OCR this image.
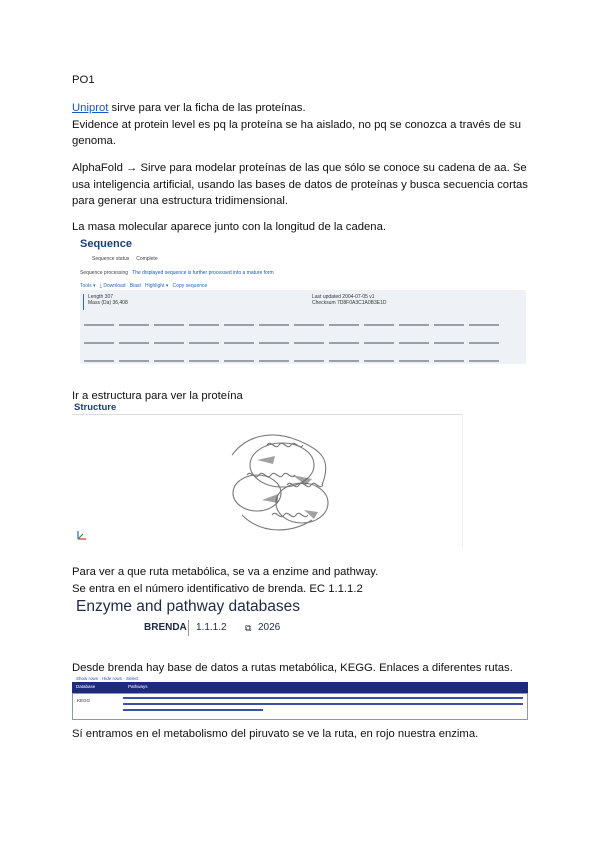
PO1

Uniprot sirve para ver la ficha de las proteínas.
Evidence at protein level es pq la proteína se ha aislado, no pq se conozca a través de su
genoma.

AlphaFold → Sirve para modelar proteínas de las que sólo se conoce su cadena de aa. Se
usa inteligencia artificial, usando las bases de datos de proteínas y busca secuencia cortas
para generar una estructura tridimensional.

La masa molecular aparece junto con la longitud de la cadena.

Sequence
Sequence status     Complete
Sequence processing   The displayed sequence is further processed into a mature form
Tools ▾   ⤓ Download   Blast   Highlight ▾   Copy sequence
Length 307
Mass (Da) 36,408
Last updated 2004-07-05 v1
Checksum 7D8F0A3C1A0B3E1D

Ir a estructura para ver la proteína

Structure

Para ver a que ruta metabólica, se va a enzime and pathway.
Se entra en el número identificativo de brenda. EC 1.1.1.2

Enzyme and pathway databases
BRENDA 1.1.1.2 ⧉ 2026

Desde brenda hay base de datos a rutas metabólica, KEGG. Enlaces a diferentes rutas.

Show rows · Hide rows · Select
Database	Pathways
KEGG

Sí entramos en el metabolismo del piruvato se ve la ruta, en rojo nuestra enzima.
